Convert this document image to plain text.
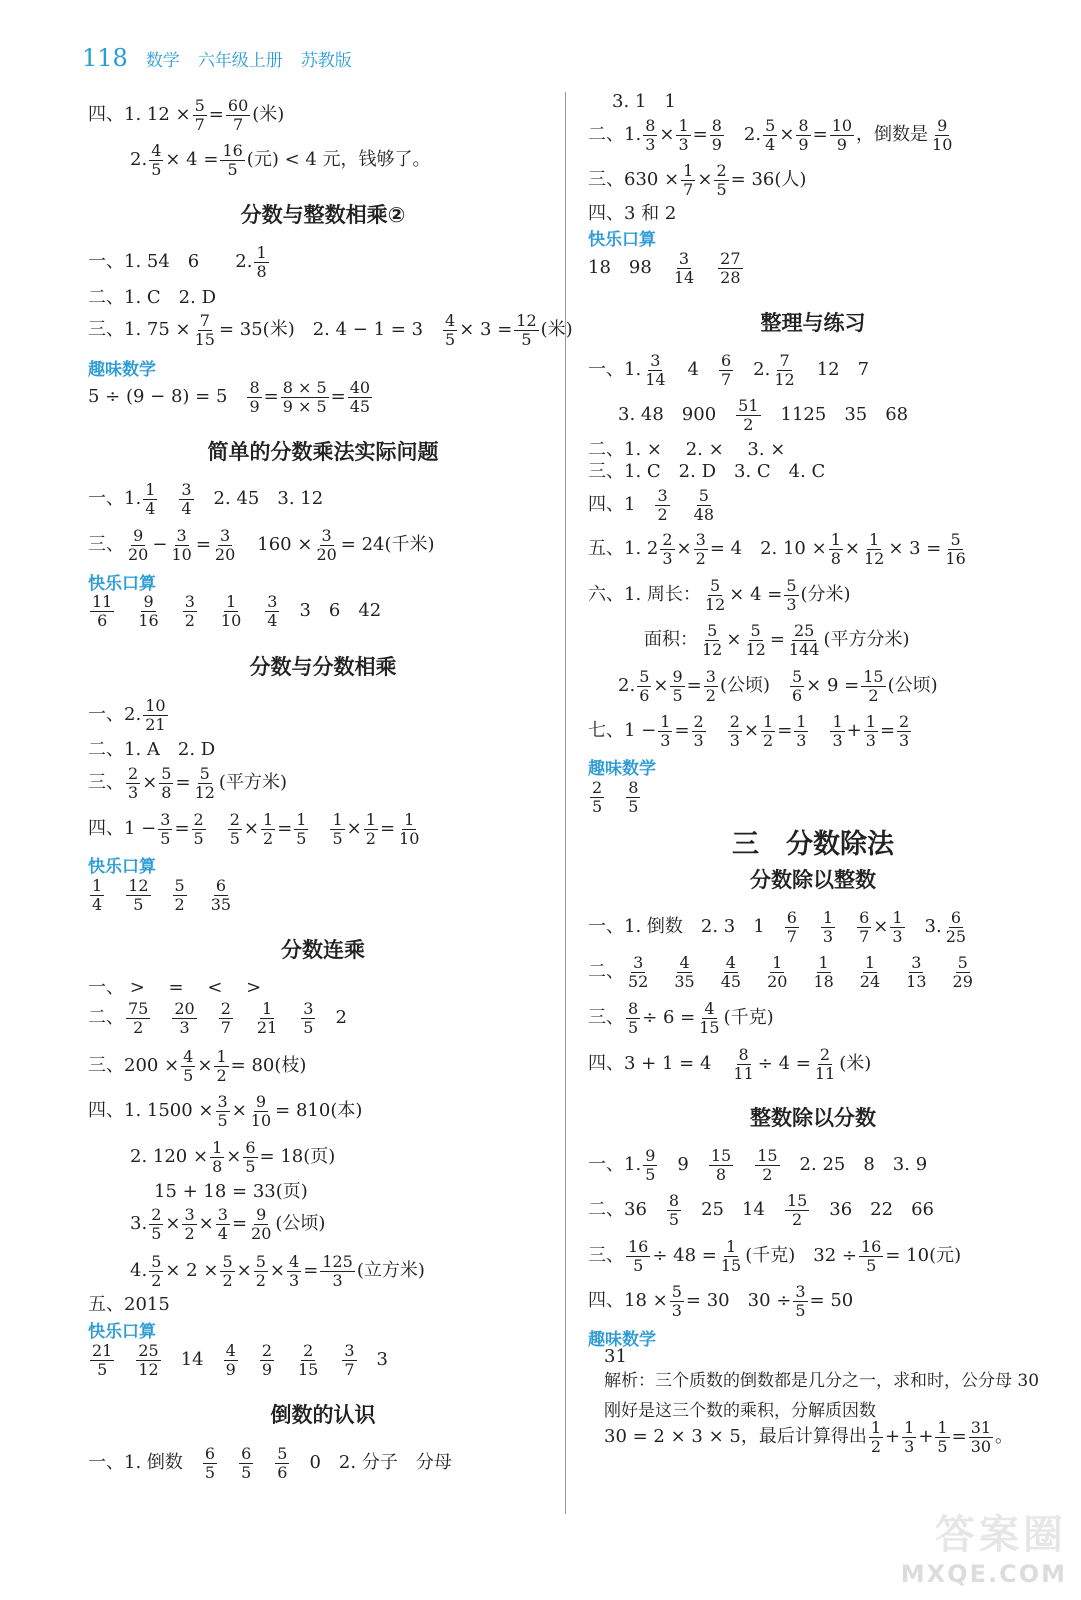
118 数学 六年级上册 苏教版
四、1. $12 \times \frac{5}{7} = \frac{60}{7}$ (米)
2. $\frac{4}{5} \times 4 = \frac{16}{5}$ (元) < 4 元，钱够了。
分数与整数相乘②
一、1. 54　6　　2. $\frac{1}{8}$
二、1. C　2. D
三、1. $75 \times \frac{7}{15} = 35$(米)　2. 4 − 1 = 3　 $\frac{4}{5} \times 3 = \frac{12}{5}$ (米)
趣味数学
5 ÷ (9 − 8) = 5　 $\frac{8}{9} = \frac{8 \times 5}{9 \times 5} = \frac{40}{45}$
简单的分数乘法实际问题
一、1. $\frac{1}{4}$
　 $\frac{3}{4}$ 　2. 45　3. 12
三、 $\frac{9}{20} - \frac{3}{10} = \frac{3}{20}$ 　$160 \times \frac{3}{20} = 24$(千米)
快乐口算
$\frac{11}{6}$
　 $\frac{9}{16}$
　 $\frac{3}{2}$
　 $\frac{1}{10}$
　 $\frac{3}{4}$ 　3　6　42
分数与分数相乘
一、2. $\frac{10}{21}$
二、1. A　2. D
三、 $\frac{2}{3} \times \frac{5}{8} = \frac{5}{12}$ (平方米)
四、$1 - \frac{3}{5} = \frac{2}{5}$
　 $\frac{2}{5} \times \frac{1}{2} = \frac{1}{5}$
　 $\frac{1}{5} \times \frac{1}{2} = \frac{1}{10}$
快乐口算
$\frac{1}{4}$
　 $\frac{12}{5}$
　 $\frac{5}{2}$
　 $\frac{6}{35}$
分数连乘
一、 >　 =　 <　 >
二、 $\frac{75}{2}$
　 $\frac{20}{3}$
　 $\frac{2}{7}$
　 $\frac{1}{21}$
　 $\frac{3}{5}$ 　2
三、$200 \times \frac{4}{5} \times \frac{1}{2} = 80$(枝)
四、1. $1500 \times \frac{3}{5} \times \frac{9}{10} = 810$(本)
2. $120 \times \frac{1}{8} \times \frac{6}{5} = 18$(页)
15 + 18 = 33(页)
3. $\frac{2}{5} \times \frac{3}{2} \times \frac{3}{4} = \frac{9}{20}$ (公顷)
4. $\frac{5}{2} \times 2 \times \frac{5}{2} \times \frac{5}{2} \times \frac{4}{3} = \frac{125}{3}$ (立方米)
五、2015
快乐口算
$\frac{21}{5}$
　 $\frac{25}{12}$ 　14　 $\frac{4}{9}$
　 $\frac{2}{9}$
　 $\frac{2}{15}$
　 $\frac{3}{7}$ 　3
倒数的认识
一、1. 倒数　 $\frac{6}{5}$
　 $\frac{6}{5}$
　 $\frac{5}{6}$ 　0　2. 分子　分母
3. 1　1
二、1. $\frac{8}{3} \times \frac{1}{3} = \frac{8}{9}$ 　2. $\frac{5}{4} \times \frac{8}{9} = \frac{10}{9}$ ，倒数是 $\frac{9}{10}$
三、$630 \times \frac{1}{7} \times \frac{2}{5} = 36$(人)
四、3 和 2
快乐口算
18　98　 $\frac{3}{14}$
　 $\frac{27}{28}$
整理与练习
一、1. $\frac{3}{14}$ 　4　 $\frac{6}{7}$ 　2. $\frac{7}{12}$ 　12　7
3. 48　900　 $\frac{51}{2}$ 　1125　35　68
二、1. ×　 2. ×　 3. ×
三、1. C　2. D　3. C　4. C
四、1　 $\frac{3}{2}$
　 $\frac{5}{48}$
五、1. $2 \frac{2}{3} \times \frac{3}{2} = 4$　2. $10 \times \frac{1}{8} \times \frac{1}{12} \times 3 = \frac{5}{16}$
六、1. 周长： $\frac{5}{12} \times 4 = \frac{5}{3}$ (分米)
面积： $\frac{5}{12} \times \frac{5}{12} = \frac{25}{144}$ (平方分米)
2. $\frac{5}{6} \times \frac{9}{5} = \frac{3}{2}$ (公顷)　 $\frac{5}{6} \times 9 = \frac{15}{2}$ (公顷)
七、$1 - \frac{1}{3} = \frac{2}{3}$
　 $\frac{2}{3} \times \frac{1}{2} = \frac{1}{3}$
　 $\frac{1}{3} + \frac{1}{3} = \frac{2}{3}$
趣味数学
$\frac{2}{5}$
　 $\frac{8}{5}$
三　分数除法
分数除以整数
一、1. 倒数　2. 3　1　 $\frac{6}{7}$
　 $\frac{1}{3}$
　 $\frac{6}{7} \times \frac{1}{3}$ 　3. $\frac{6}{25}$
二、 $\frac{3}{52}$
　 $\frac{4}{35}$
　 $\frac{4}{45}$
　 $\frac{1}{20}$
　 $\frac{1}{18}$
　 $\frac{1}{24}$
　 $\frac{3}{13}$
　 $\frac{5}{29}$
三、 $\frac{8}{5} \div 6 = \frac{4}{15}$ (千克)
四、3 + 1 = 4　 $\frac{8}{11} \div 4 = \frac{2}{11}$ (米)
整数除以分数
一、1. $\frac{9}{5}$ 　9　 $\frac{15}{8}$
　 $\frac{15}{2}$ 　2. 25　8　3. 9
二、36　 $\frac{8}{5}$ 　25　14　 $\frac{15}{2}$ 　36　22　66
三、 $\frac{16}{5} \div 48 = \frac{1}{15}$ (千克)　$32 \div \frac{16}{5} = 10$(元)
四、$18 \times \frac{5}{3} = 30$　$30 \div \frac{3}{5} = 50$
趣味数学
31
解析：三个质数的倒数都是几分之一，求和时，公分母 30 刚好是这三个数的乘积，分解质因数
30 = 2 × 3 × 5，最后计算得出 $\frac{1}{2} + \frac{1}{3} + \frac{1}{5} = \frac{31}{30}$ 。
答案圈
MXQE.COM
